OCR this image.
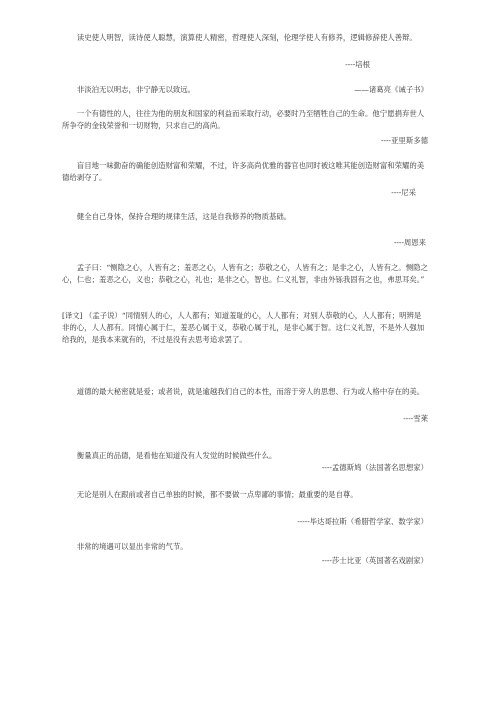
读史使人明智，读诗使人聪慧，演算使人精密，哲理使人深刻，伦理学使人有修养，逻辑修辞使人善辩。

----培根

非淡泊无以明志，非宁静无以致远。	——诸葛亮《诫子书》

一个有德性的人，往往为他的朋友和国家的利益而采取行动，必要时乃至牺牲自己的生命。他宁愿捐弃世人所争夺的金钱荣誉和一切财物，只求自己的高尚。

----亚里斯多德

盲目地一味勤奋的确能创造财富和荣耀，不过，许多高尚优雅的器官也同时被这唯其能创造财富和荣耀的美德给剥夺了。

----尼采

健全自己身体，保持合理的规律生活，这是自我修养的物质基础。

----周恩来

孟子曰：“恻隐之心，人皆有之；羞恶之心，人皆有之；恭敬之心，人皆有之；是非之心，人皆有之。恻隐之心，仁也；羞恶之心，义也；恭敬之心，礼也；是非之心，智也。仁义礼智，非由外铄我固有之也，弗思耳矣。”

[译文] （孟子说）“同情别人的心，人人都有；知道羞耻的心，人人都有；对别人恭敬的心，人人都有；明辨是非的心，人人都有。同情心属于仁，羞恶心属于义，恭敬心属于礼，是非心属于智。这仁义礼智，不是外人强加给我的，是我本来就有的，不过是没有去思考追求罢了。

道德的最大秘密就是爱；或者说，就是逾越我们自己的本性，而溶于旁人的思想、行为或人格中存在的美。

----雪莱

衡量真正的品德，是看他在知道没有人发觉的时候做些什么。

----孟德斯鸠（法国著名思想家）

无论是别人在跟前或者自己单独的时候，都不要做一点卑鄙的事情；最重要的是自尊。

-----毕达哥拉斯（希腊哲学家、数学家）

非常的境遇可以显出非常的气节。

----莎士比亚（英国著名戏剧家）
